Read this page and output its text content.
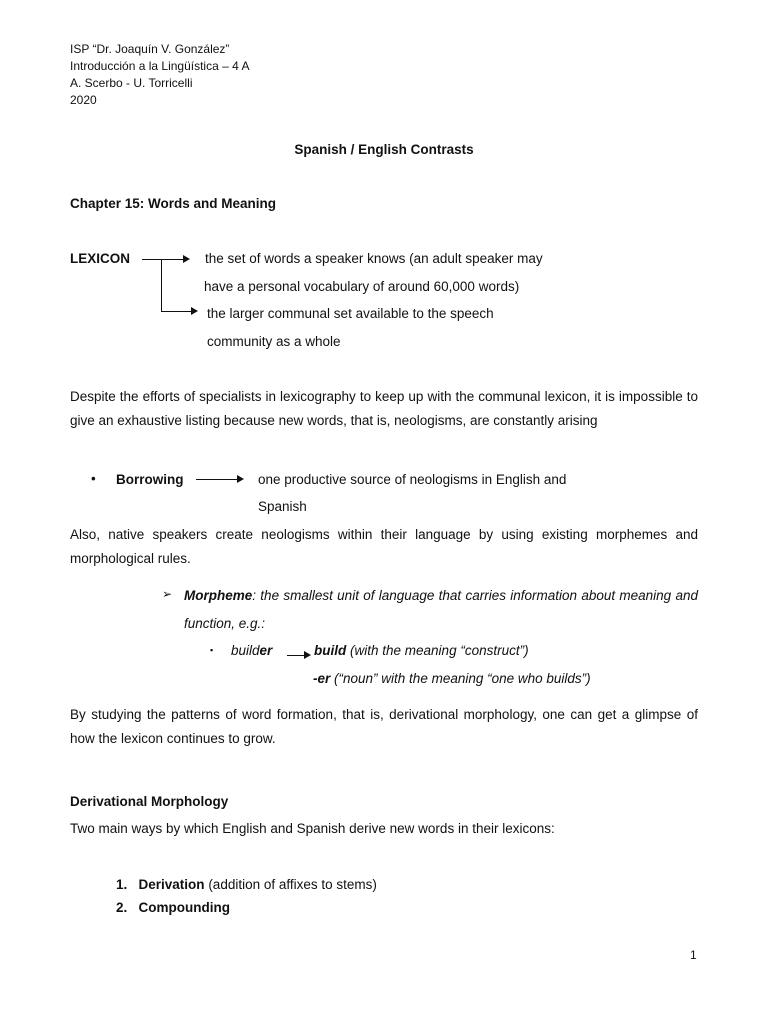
ISP “Dr. Joaquín V. González”
Introducción a la Lingüística – 4 A
A. Scerbo - U. Torricelli
2020
Spanish / English Contrasts
Chapter 15: Words and Meaning
LEXICON	the set of words a speaker knows (an adult speaker may
have a personal vocabulary of around 60,000 words)
the larger communal set available to the speech
community as a whole
Despite the efforts of specialists in lexicography to keep up with the communal lexicon, it is impossible to give an exhaustive listing because new words, that is, neologisms, are constantly arising
• Borrowing	one productive source of neologisms in English and
Spanish
Also, native speakers create neologisms within their language by using existing morphemes and morphological rules.
➢ Morpheme: the smallest unit of language that carries information about meaning and function, e.g.:
▪ builder	build (with the meaning “construct”)
-er (“noun” with the meaning “one who builds”)
By studying the patterns of word formation, that is, derivational morphology, one can get a glimpse of how the lexicon continues to grow.
Derivational Morphology
Two main ways by which English and Spanish derive new words in their lexicons:
1. Derivation (addition of affixes to stems)
2. Compounding
1
